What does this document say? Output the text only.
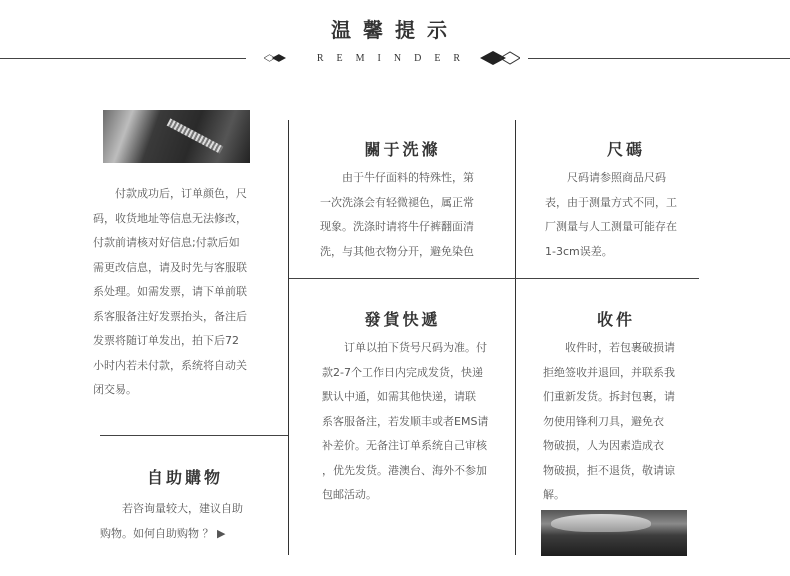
温馨提示
REMINDER
　　付款成功后，订单颜色，尺
码，收货地址等信息无法修改，
付款前请核对好信息;付款后如
需更改信息，请及时先与客服联
系处理。如需发票，请下单前联
系客服备注好发票抬头，备注后
发票将随订单发出，拍下后72
小时内若未付款，系统将自动关
闭交易。
自助購物
　　若咨询量较大，建议自助
购物。如何自助购物 ？ ▶
關于洗滌
　　由于牛仔面料的特殊性，第
一次洗涤会有轻微褪色，属正常
现象。洗涤时请将牛仔裤翻面清
洗，与其他衣物分开，避免染色
尺碼
　　尺码请参照商品尺码
表，由于测量方式不同，工
厂测量与人工测量可能存在
1-3cm误差。
發貨快遞
　　订单以拍下货号尺码为准。付
款2-7个工作日内完成发货，快递
默认中通，如需其他快递，请联
系客服备注，若发顺丰或者EMS请
补差价。无备注订单系统自己审核
，优先发货。港澳台、海外不参加
包邮活动。
收件
　　收件时，若包裹破损请
拒绝签收并退回，并联系我
们重新发货。拆封包裹，请
勿使用锋利刀具，避免衣
物破损，人为因素造成衣
物破损，拒不退货，敬请谅
解。
